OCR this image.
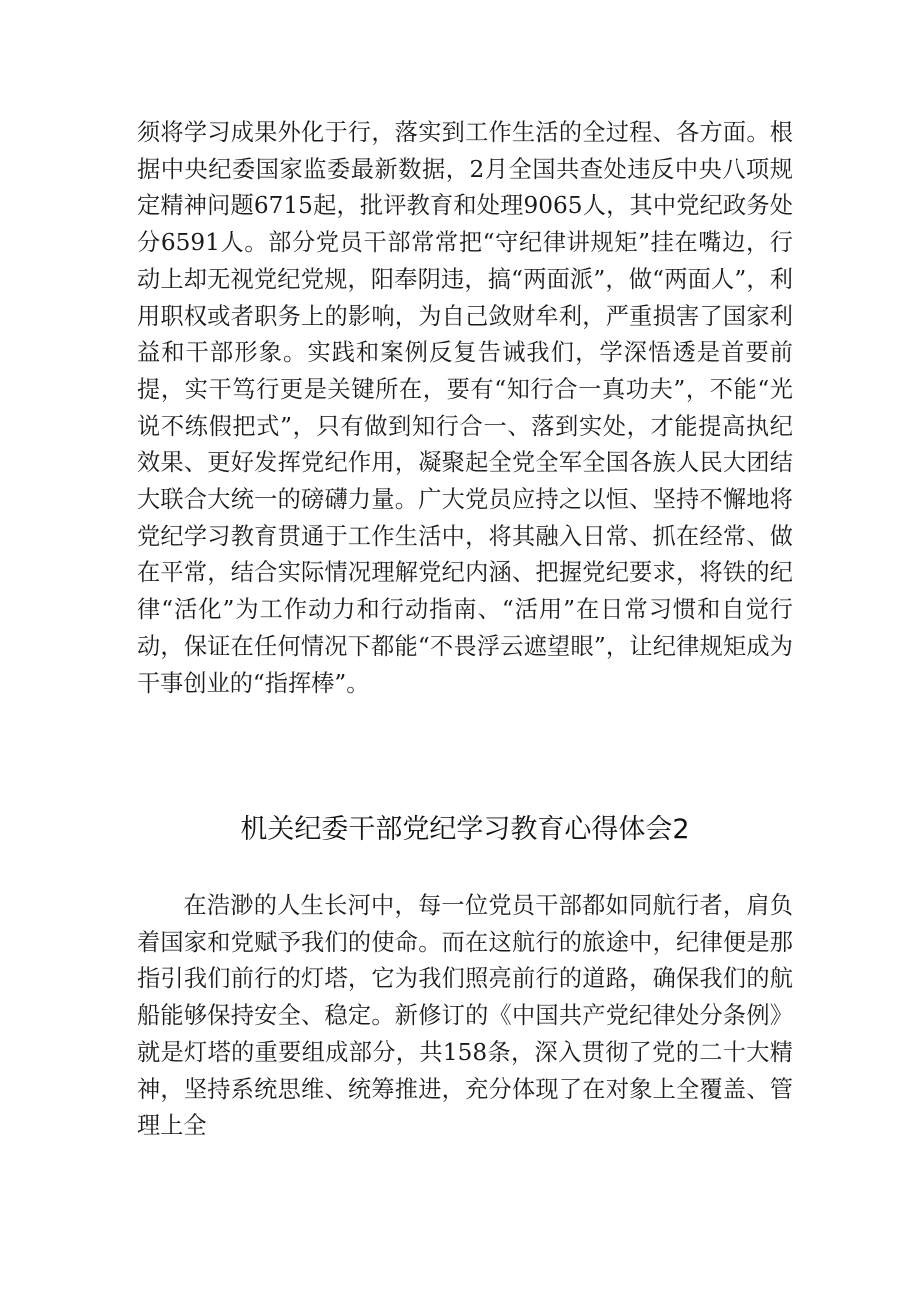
须将学习成果外化于行，落实到工作生活的全过程、各方面。根据中央纪委国家监委最新数据，2月全国共查处违反中央八项规定精神问题6715起，批评教育和处理9065人，其中党纪政务处分6591人。部分党员干部常常把“守纪律讲规矩”挂在嘴边，行动上却无视党纪党规，阳奉阴违，搞“两面派”，做“两面人”，利用职权或者职务上的影响，为自己敛财牟利，严重损害了国家利益和干部形象。实践和案例反复告诫我们，学深悟透是首要前提，实干笃行更是关键所在，要有“知行合一真功夫”，不能“光说不练假把式”，只有做到知行合一、落到实处，才能提高执纪效果、更好发挥党纪作用，凝聚起全党全军全国各族人民大团结大联合大统一的磅礴力量。广大党员应持之以恒、坚持不懈地将党纪学习教育贯通于工作生活中，将其融入日常、抓在经常、做在平常，结合实际情况理解党纪内涵、把握党纪要求，将铁的纪律“活化”为工作动力和行动指南、“活用”在日常习惯和自觉行动，保证在任何情况下都能“不畏浮云遮望眼”，让纪律规矩成为干事创业的“指挥棒”。

机关纪委干部党纪学习教育心得体会2

在浩渺的人生长河中，每一位党员干部都如同航行者，肩负着国家和党赋予我们的使命。而在这航行的旅途中，纪律便是那指引我们前行的灯塔，它为我们照亮前行的道路，确保我们的航船能够保持安全、稳定。新修订的《中国共产党纪律处分条例》就是灯塔的重要组成部分，共158条，深入贯彻了党的二十大精神，坚持系统思维、统筹推进，充分体现了在对象上全覆盖、管理上全
